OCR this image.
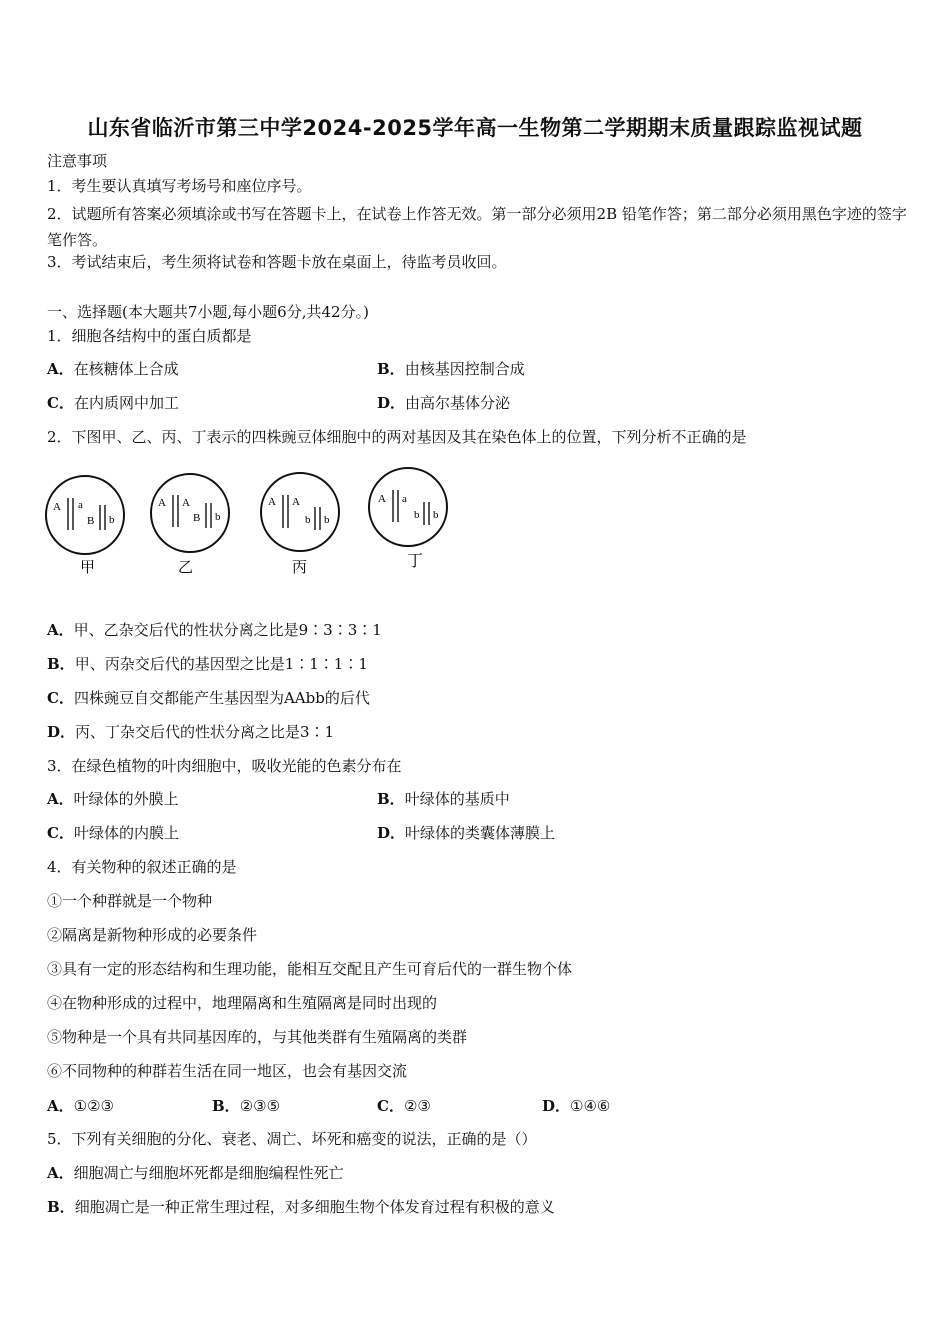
山东省临沂市第三中学2024-2025学年高一生物第二学期期末质量跟踪监视试题
注意事项
1．考生要认真填写考场号和座位序号。
2．试题所有答案必须填涂或书写在答题卡上，在试卷上作答无效。第一部分必须用2B 铅笔作答；第二部分必须用黑色字迹的签字笔作答。
3．考试结束后，考生须将试卷和答题卡放在桌面上，待监考员收回。
一、选择题(本大题共7小题,每小题6分,共42分。)
1．细胞各结构中的蛋白质都是
A．在核糖体上合成	B．由核基因控制合成
C．在内质网中加工	D．由高尔基体分泌
2．下图甲、乙、丙、丁表示的四株豌豆体细胞中的两对基因及其在染色体上的位置，下列分析不正确的是
A a
B b
甲
A A
B b
乙
A A
b b
丙
A a
b b
丁
A．甲、乙杂交后代的性状分离之比是9∶3∶3∶1
B．甲、丙杂交后代的基因型之比是1∶1∶1∶1
C．四株豌豆自交都能产生基因型为AAbb的后代
D．丙、丁杂交后代的性状分离之比是3∶1
3．在绿色植物的叶肉细胞中，吸收光能的色素分布在
A．叶绿体的外膜上	B．叶绿体的基质中
C．叶绿体的内膜上	D．叶绿体的类囊体薄膜上
4．有关物种的叙述正确的是
①一个种群就是一个物种
②隔离是新物种形成的必要条件
③具有一定的形态结构和生理功能，能相互交配且产生可育后代的一群生物个体
④在物种形成的过程中，地理隔离和生殖隔离是同时出现的
⑤物种是一个具有共同基因库的，与其他类群有生殖隔离的类群
⑥不同物种的种群若生活在同一地区，也会有基因交流
A．①②③	B．②③⑤	C．②③	D．①④⑥
5．下列有关细胞的分化、衰老、凋亡、坏死和癌变的说法，正确的是（）
A．细胞凋亡与细胞坏死都是细胞编程性死亡
B．细胞凋亡是一种正常生理过程，对多细胞生物个体发育过程有积极的意义
